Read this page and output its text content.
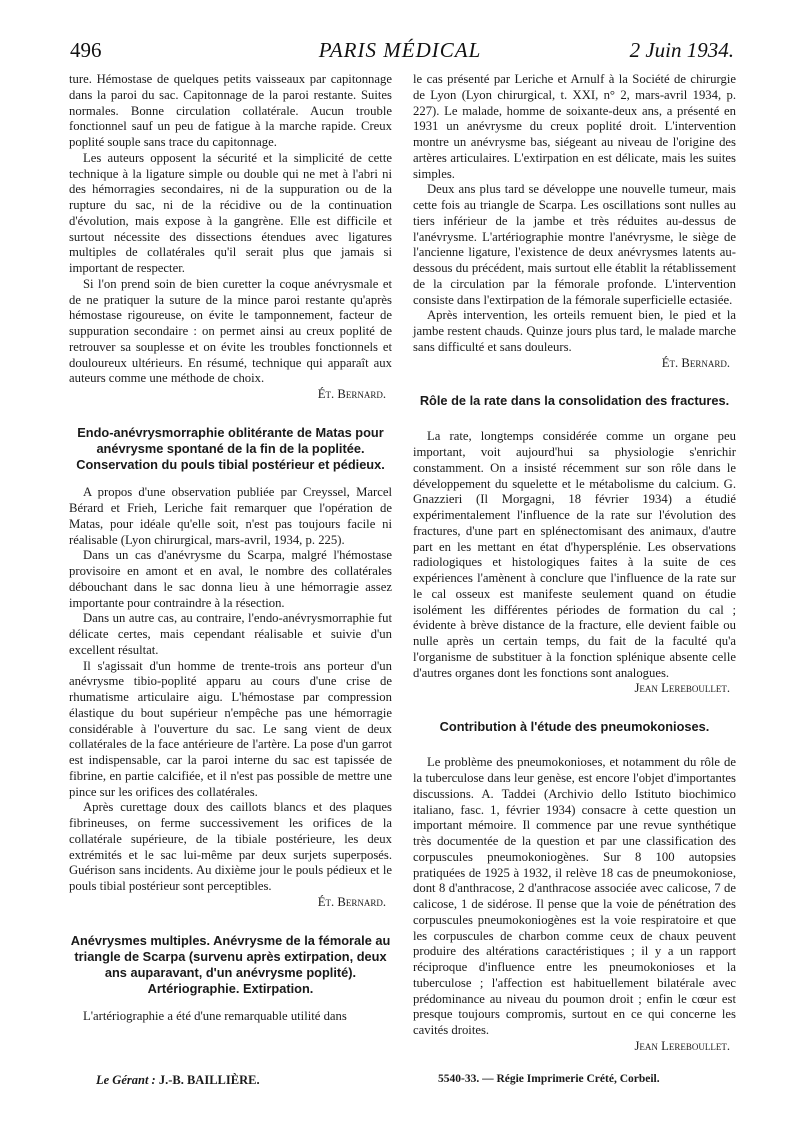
496	PARIS MÉDICAL	2 Juin 1934.

ture. Hémostase de quelques petits vaisseaux par capitonnage dans la paroi du sac. Capitonnage de la paroi restante. Suites normales. Bonne circulation collatérale. Aucun trouble fonctionnel sauf un peu de fatigue à la marche rapide. Creux poplité souple sans trace du capitonnage.

Les auteurs opposent la sécurité et la simplicité de cette technique à la ligature simple ou double qui ne met à l'abri ni des hémorragies secondaires, ni de la suppuration ou de la rupture du sac, ni de la récidive ou de la continuation d'évolution, mais expose à la gangrène. Elle est difficile et surtout nécessite des dissections étendues avec ligatures multiples de collatérales qu'il serait plus que jamais si important de respecter.

Si l'on prend soin de bien curetter la coque anévrysmale et de ne pratiquer la suture de la mince paroi restante qu'après hémostase rigoureuse, on évite le tamponnement, facteur de suppuration secondaire : on permet ainsi au creux poplité de retrouver sa souplesse et on évite les troubles fonctionnels et douloureux ultérieurs. En résumé, technique qui apparaît aux auteurs comme une méthode de choix.

Ét. Bernard.
Endo-anévrysmorraphie oblitérante de Matas pour anévrysme spontané de la fin de la poplitée. Conservation du pouls tibial postérieur et pédieux.

A propos d'une observation publiée par Creyssel, Marcel Bérard et Frieh, Leriche fait remarquer que l'opération de Matas, pour idéale qu'elle soit, n'est pas toujours facile ni réalisable (Lyon chirurgical, mars-avril, 1934, p. 225).

Dans un cas d'anévrysme du Scarpa, malgré l'hémostase provisoire en amont et en aval, le nombre des collatérales débouchant dans le sac donna lieu à une hémorragie assez importante pour contraindre à la résection.

Dans un autre cas, au contraire, l'endo-anévrysmorraphie fut délicate certes, mais cependant réalisable et suivie d'un excellent résultat.

Il s'agissait d'un homme de trente-trois ans porteur d'un anévrysme tibio-poplité apparu au cours d'une crise de rhumatisme articulaire aigu. L'hémostase par compression élastique du bout supérieur n'empêche pas une hémorragie considérable à l'ouverture du sac. Le sang vient de deux collatérales de la face antérieure de l'artère. La pose d'un garrot est indispensable, car la paroi interne du sac est tapissée de fibrine, en partie calcifiée, et il n'est pas possible de mettre une pince sur les orifices des collatérales.

Après curettage doux des caillots blancs et des plaques fibrineuses, on ferme successivement les orifices de la collatérale supérieure, de la tibiale postérieure, les deux extrémités et le sac lui-même par deux surjets superposés. Guérison sans incidents. Au dixième jour le pouls pédieux et le pouls tibial postérieur sont perceptibles.

Ét. Bernard.
Anévrysmes multiples. Anévrysme de la fémorale au triangle de Scarpa (survenu après extirpation, deux ans auparavant, d'un anévrysme poplité). Artériographie. Extirpation.

L'artériographie a été d'une remarquable utilité dans

le cas présenté par Leriche et Arnulf à la Société de chirurgie de Lyon (Lyon chirurgical, t. XXI, n° 2, mars-avril 1934, p. 227). Le malade, homme de soixante-deux ans, a présenté en 1931 un anévrysme du creux poplité droit. L'intervention montre un anévrysme bas, siégeant au niveau de l'origine des artères articulaires. L'extirpation en est délicate, mais les suites simples.

Deux ans plus tard se développe une nouvelle tumeur, mais cette fois au triangle de Scarpa. Les oscillations sont nulles au tiers inférieur de la jambe et très réduites au-dessus de l'anévrysme. L'artériographie montre l'anévrysme, le siège de l'ancienne ligature, l'existence de deux anévrysmes latents au-dessous du précédent, mais surtout elle établit la rétablissement de la circulation par la fémorale profonde. L'intervention consiste dans l'extirpation de la fémorale superficielle ectasiée.

Après intervention, les orteils remuent bien, le pied et la jambe restent chauds. Quinze jours plus tard, le malade marche sans difficulté et sans douleurs.

Ét. Bernard.
Rôle de la rate dans la consolidation des fractures.

La rate, longtemps considérée comme un organe peu important, voit aujourd'hui sa physiologie s'enrichir constamment. On a insisté récemment sur son rôle dans le développement du squelette et le métabolisme du calcium. G. Gnazzieri (Il Morgagni, 18 février 1934) a étudié expérimentalement l'influence de la rate sur l'évolution des fractures, d'une part en splénectomisant des animaux, d'autre part en les mettant en état d'hypersplénie. Les observations radiologiques et histologiques faites à la suite de ces expériences l'amènent à conclure que l'influence de la rate sur le cal osseux est manifeste seulement quand on étudie isolément les différentes périodes de formation du cal ; évidente à brève distance de la fracture, elle devient faible ou nulle après un certain temps, du fait de la faculté qu'a l'organisme de substituer à la fonction splénique absente celle d'autres organes dont les fonctions sont analogues.

Jean Lereboullet.
Contribution à l'étude des pneumokonioses.

Le problème des pneumokonioses, et notamment du rôle de la tuberculose dans leur genèse, est encore l'objet d'importantes discussions. A. Taddei (Archivio dello Istituto biochimico italiano, fasc. 1, février 1934) consacre à cette question un important mémoire. Il commence par une revue synthétique très documentée de la question et par une classification des corpuscules pneumokoniogènes. Sur 8 100 autopsies pratiquées de 1925 à 1932, il relève 18 cas de pneumokoniose, dont 8 d'anthracose, 2 d'anthracose associée avec calicose, 7 de calicose, 1 de sidérose. Il pense que la voie de pénétration des corpuscules pneumokoniogènes est la voie respiratoire et que les corpuscules de charbon comme ceux de chaux peuvent produire des altérations caractéristiques ; il y a un rapport réciproque d'influence entre les pneumokonioses et la tuberculose ; l'affection est habituellement bilatérale avec prédominance au niveau du poumon droit ; enfin le cœur est presque toujours compromis, surtout en ce qui concerne les cavités droites.

Jean Lereboullet.
Le Gérant : J.-B. BAILLIÈRE.	5540-33. — Régie Imprimerie Crété, Corbeil.
